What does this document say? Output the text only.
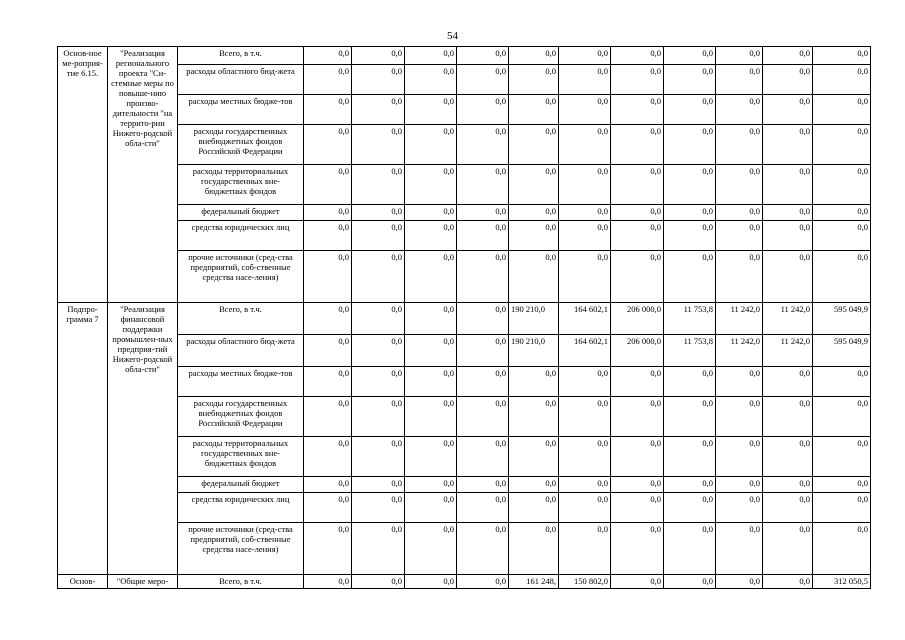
54
Основ-ное ме-роприя-тие 6.15.	"Реализация регионального проекта "Си-стемные меры по повыше-нию произво-дительности "на террито-рии Нижего-родской обла-сти"	Всего, в т.ч.	0,0	0,0	0,0	0,0	0,0	0,0	0,0	0,0	0,0	0,0	0,0
		расходы областного бюд-жета	0,0	0,0	0,0	0,0	0,0	0,0	0,0	0,0	0,0	0,0	0,0
		расходы местных бюдже-тов	0,0	0,0	0,0	0,0	0,0	0,0	0,0	0,0	0,0	0,0	0,0
		расходы государственных внебюджетных фондов Российской Федерации	0,0	0,0	0,0	0,0	0,0	0,0	0,0	0,0	0,0	0,0	0,0
		расходы территориальных государственных вне-бюджетных фондов	0,0	0,0	0,0	0,0	0,0	0,0	0,0	0,0	0,0	0,0	0,0
		федеральный бюджет	0,0	0,0	0,0	0,0	0,0	0,0	0,0	0,0	0,0	0,0	0,0
		средства юридических лиц	0,0	0,0	0,0	0,0	0,0	0,0	0,0	0,0	0,0	0,0	0,0
		прочие источники (сред-ства предприятий, соб-ственные средства насе-ления)	0,0	0,0	0,0	0,0	0,0	0,0	0,0	0,0	0,0	0,0	0,0
Подпро-грамма 7	"Реализация финансовой поддержки промышлен-ных предприя-тий Нижего-родской обла-сти"	Всего, в т.ч.	0,0	0,0	0,0	0,0	190 210,0	164 602,1	206 000,0	11 753,8	11 242,0	11 242,0	595 049,9
		расходы областного бюд-жета	0,0	0,0	0,0	0,0	190 210,0	164 602,1	206 000,0	11 753,8	11 242,0	11 242,0	595 049,9
		расходы местных бюдже-тов	0,0	0,0	0,0	0,0	0,0	0,0	0,0	0,0	0,0	0,0	0,0
		расходы государственных внебюджетных фондов Российской Федерации	0,0	0,0	0,0	0,0	0,0	0,0	0,0	0,0	0,0	0,0	0,0
		расходы территориальных государственных вне-бюджетных фондов	0,0	0,0	0,0	0,0	0,0	0,0	0,0	0,0	0,0	0,0	0,0
		федеральный бюджет	0,0	0,0	0,0	0,0	0,0	0,0	0,0	0,0	0,0	0,0	0,0
		средства юридических лиц	0,0	0,0	0,0	0,0	0,0	0,0	0,0	0,0	0,0	0,0	0,0
		прочие источники (сред-ства предприятий, соб-ственные средства насе-ления)	0,0	0,0	0,0	0,0	0,0	0,0	0,0	0,0	0,0	0,0	0,0
Основ-	"Общие меро-	Всего, в т.ч.	0,0	0,0	0,0	0,0	161 248,	150 802,0	0,0	0,0	0,0	0,0	312 050,5
